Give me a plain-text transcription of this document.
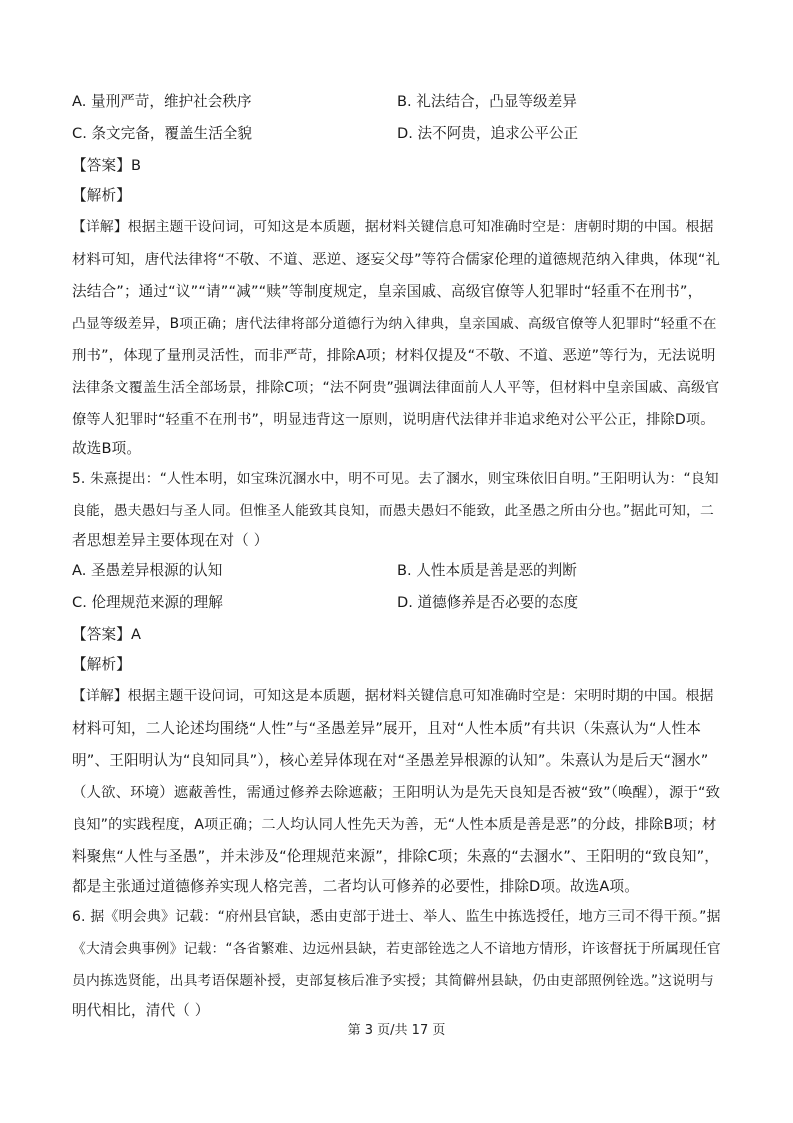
A. 量刑严苛，维护社会秩序	B. 礼法结合，凸显等级差异
C. 条文完备，覆盖生活全貌	D. 法不阿贵，追求公平公正
【答案】B
【解析】
【详解】根据主题干设问词，可知这是本质题，据材料关键信息可知准确时空是：唐朝时期的中国。根据
材料可知，唐代法律将“不敬、不道、恶逆、逐妄父母”等符合儒家伦理的道德规范纳入律典，体现“礼
法结合”；通过“议”“请”“减”“赎”等制度规定，皇亲国戚、高级官僚等人犯罪时“轻重不在刑书”，
凸显等级差异，B项正确；唐代法律将部分道德行为纳入律典，皇亲国戚、高级官僚等人犯罪时“轻重不在
刑书”，体现了量刑灵活性，而非严苛，排除A项；材料仅提及“不敬、不道、恶逆”等行为，无法说明
法律条文覆盖生活全部场景，排除C项；“法不阿贵”强调法律面前人人平等，但材料中皇亲国戚、高级官
僚等人犯罪时“轻重不在刑书”，明显违背这一原则，说明唐代法律并非追求绝对公平公正，排除D项。
故选B项。
5. 朱熹提出：“人性本明，如宝珠沉溷水中，明不可见。去了溷水，则宝珠依旧自明。”王阳明认为：“良知
良能，愚夫愚妇与圣人同。但惟圣人能致其良知，而愚夫愚妇不能致，此圣愚之所由分也。”据此可知，二
者思想差异主要体现在对（ ）
A. 圣愚差异根源的认知	B. 人性本质是善是恶的判断
C. 伦理规范来源的理解	D. 道德修养是否必要的态度
【答案】A
【解析】
【详解】根据主题干设问词，可知这是本质题，据材料关键信息可知准确时空是：宋明时期的中国。根据
材料可知，二人论述均围绕“人性”与“圣愚差异”展开，且对“人性本质”有共识（朱熹认为“人性本
明”、王阳明认为“良知同具”），核心差异体现在对“圣愚差异根源的认知”。朱熹认为是后天“溷水”
（人欲、环境）遮蔽善性，需通过修养去除遮蔽；王阳明认为是先天良知是否被“致”（唤醒），源于“致
良知”的实践程度，A项正确；二人均认同人性先天为善，无“人性本质是善是恶”的分歧，排除B项；材
料聚焦“人性与圣愚”，并未涉及“伦理规范来源”，排除C项；朱熹的“去溷水”、王阳明的“致良知”，
都是主张通过道德修养实现人格完善，二者均认可修养的必要性，排除D项。故选A项。
6. 据《明会典》记载：“府州县官缺，悉由吏部于进士、举人、监生中拣选授任，地方三司不得干预。”据
《大清会典事例》记载：“各省繁难、边远州县缺，若吏部铨选之人不谙地方情形，许该督抚于所属现任官
员内拣选贤能，出具考语保题补授，吏部复核后准予实授；其简僻州县缺，仍由吏部照例铨选。”这说明与
明代相比，清代（ ）
第 3 页/共 17 页
